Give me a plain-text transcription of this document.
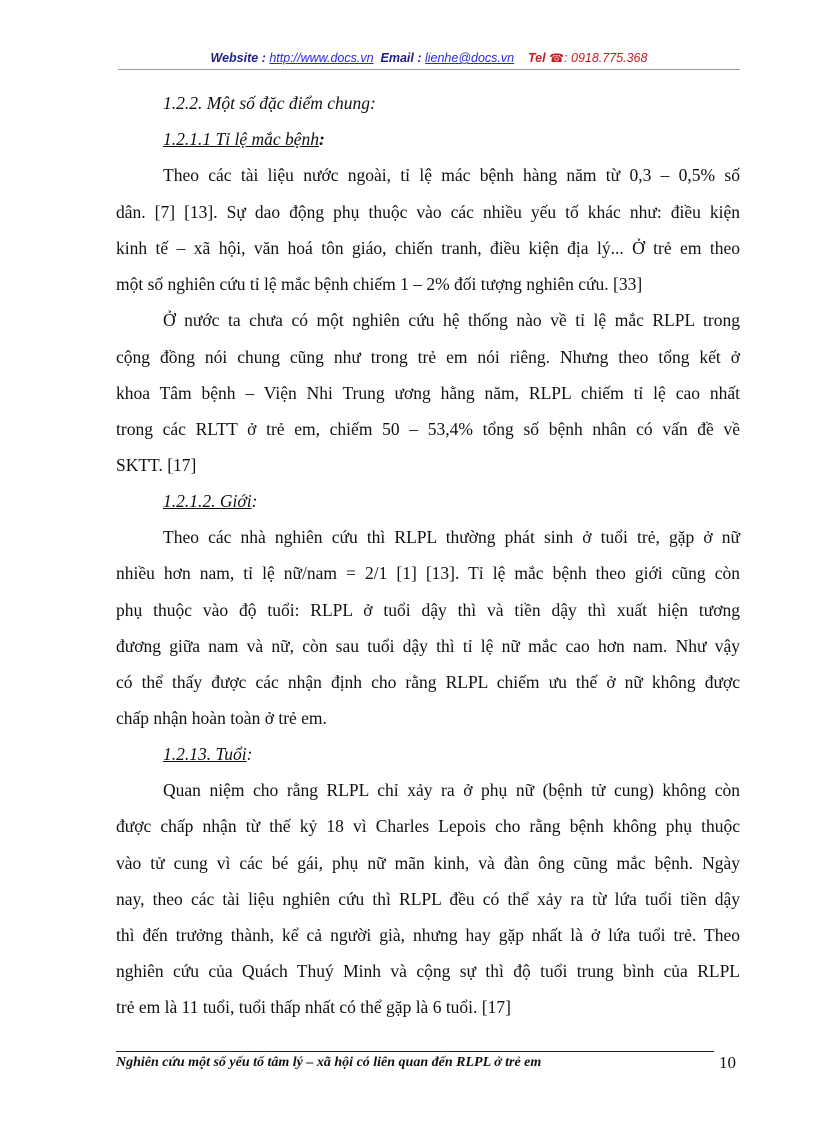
Website : http://www.docs.vn Email : lienhe@docs.vn Tel ☎: 0918.775.368
1.2.2. Một số đặc điểm chung:
1.2.1.1 Tỉ lệ mắc bệnh:
Theo các tài liệu nước ngoài, tỉ lệ mác bệnh hàng năm từ 0,3 – 0,5% số
dân. [7] [13]. Sự dao động phụ thuộc vào các nhiều yếu tố khác như: điều kiện
kinh tế – xã hội, văn hoá tôn giáo, chiến tranh, điều kiện địa lý... Ở trẻ em theo
một số nghiên cứu tỉ lệ mắc bệnh chiếm 1 – 2% đối tượng nghiên cứu. [33]
Ở nước ta chưa có một nghiên cứu hệ thống nào về tỉ lệ mắc RLPL trong
cộng đồng nói chung cũng như trong trẻ em nói riêng. Nhưng theo tổng kết ở
khoa Tâm bệnh – Viện Nhi Trung ương hằng năm, RLPL chiếm tỉ lệ cao nhất
trong các RLTT ở trẻ em, chiếm 50 – 53,4% tổng số bệnh nhân có vấn đề về
SKTT. [17]
1.2.1.2. Giới:
Theo các nhà nghiên cứu thì RLPL thường phát sinh ở tuổi trẻ, gặp ở nữ
nhiều hơn nam, tỉ lệ nữ/nam = 2/1 [1] [13]. Tỉ lệ mắc bệnh theo giới cũng còn
phụ thuộc vào độ tuổi: RLPL ở tuổi dậy thì và tiền dậy thì xuất hiện tương
đương giữa nam và nữ, còn sau tuổi dậy thì tỉ lệ nữ mắc cao hơn nam. Như vậy
có thể thấy được các nhận định cho rằng RLPL chiếm ưu thế ở nữ không được
chấp nhận hoàn toàn ở trẻ em.
1.2.13. Tuổi:
Quan niệm cho rằng RLPL chỉ xảy ra ở phụ nữ (bệnh tử cung) không còn
được chấp nhận từ thế kỷ 18 vì Charles Lepois cho rằng bệnh không phụ thuộc
vào tử cung vì các bé gái, phụ nữ mãn kinh, và đàn ông cũng mắc bệnh. Ngày
nay, theo các tài liệu nghiên cứu thì RLPL đều có thể xảy ra từ lứa tuổi tiền dậy
thì đến trưởng thành, kể cả người già, nhưng hay gặp nhất là ở lứa tuổi trẻ. Theo
nghiên cứu của Quách Thuý Minh và cộng sự thì độ tuổi trung bình của RLPL
trẻ em là 11 tuổi, tuổi thấp nhất có thể gặp là 6 tuổi. [17]
Nghiên cứu một số yếu tố tâm lý – xã hội có liên quan đến RLPL ở trẻ em	10
